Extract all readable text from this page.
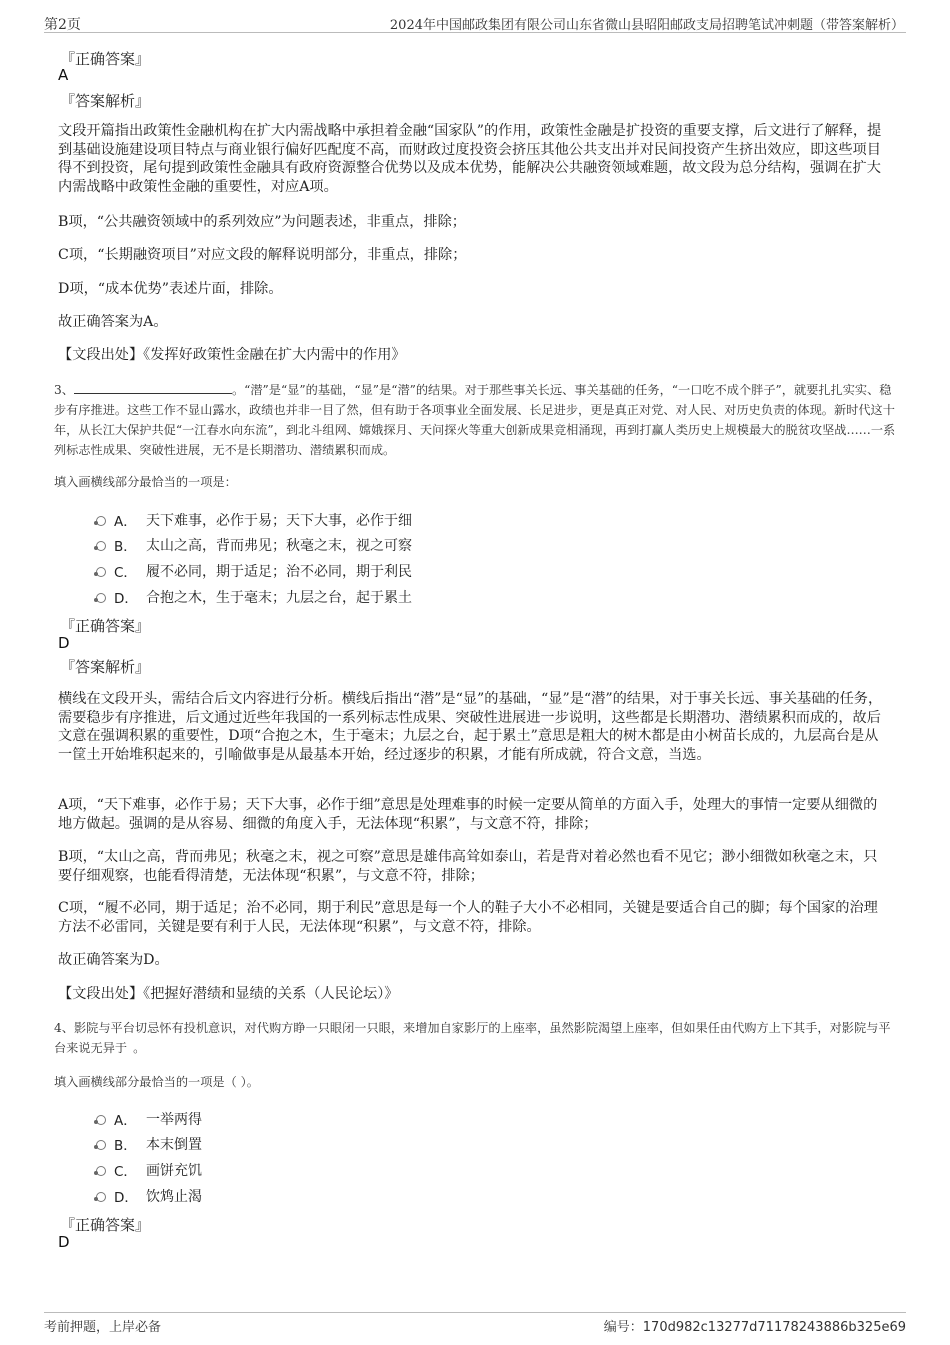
第2页	2024年中国邮政集团有限公司山东省微山县昭阳邮政支局招聘笔试冲刺题（带答案解析）
『正确答案』
A
『答案解析』
文段开篇指出政策性金融机构在扩大内需战略中承担着金融“国家队”的作用，政策性金融是扩投资的重要支撑，后文进行了解释，提到基础设施建设项目特点与商业银行偏好匹配度不高，而财政过度投资会挤压其他公共支出并对民间投资产生挤出效应，即这些项目得不到投资，尾句提到政策性金融具有政府资源整合优势以及成本优势，能解决公共融资领域难题，故文段为总分结构，强调在扩大内需战略中政策性金融的重要性，对应A项。
B项，“公共融资领域中的系列效应”为问题表述，非重点，排除；
C项，“长期融资项目”对应文段的解释说明部分，非重点，排除；
D项，“成本优势”表述片面，排除。
故正确答案为A。
【文段出处】《发挥好政策性金融在扩大内需中的作用》
3、	。“潜”是“显”的基础，“显”是“潜”的结果。对于那些事关长远、事关基础的任务，“一口吃不成个胖子”，就要扎扎实实、稳步有序推进。这些工作不显山露水，政绩也并非一目了然，但有助于各项事业全面发展、长足进步，更是真正对党、对人民、对历史负责的体现。新时代这十年，从长江大保护共促“一江春水向东流”，到北斗组网、嫦娥探月、天问探火等重大创新成果竞相涌现，再到打赢人类历史上规模最大的脱贫攻坚战……一系列标志性成果、突破性进展，无不是长期潜功、潜绩累积而成。
填入画横线部分最恰当的一项是：
A． 天下难事，必作于易；天下大事，必作于细
B． 太山之高，背而弗见；秋毫之末，视之可察
C． 履不必同，期于适足；治不必同，期于利民
D． 合抱之木，生于毫末；九层之台，起于累土
『正确答案』
D
『答案解析』
横线在文段开头，需结合后文内容进行分析。横线后指出“潜”是“显”的基础，“显”是“潜”的结果，对于事关长远、事关基础的任务，需要稳步有序推进，后文通过近些年我国的一系列标志性成果、突破性进展进一步说明，这些都是长期潜功、潜绩累积而成的，故后文意在强调积累的重要性，D项“合抱之木，生于毫末；九层之台，起于累土”意思是粗大的树木都是由小树苗长成的，九层高台是从一筐土开始堆积起来的，引喻做事是从最基本开始，经过逐步的积累，才能有所成就，符合文意，当选。
A项，“天下难事，必作于易；天下大事，必作于细”意思是处理难事的时候一定要从简单的方面入手，处理大的事情一定要从细微的地方做起。强调的是从容易、细微的角度入手，无法体现“积累”，与文意不符，排除；
B项，“太山之高，背而弗见；秋毫之末，视之可察”意思是雄伟高耸如泰山，若是背对着必然也看不见它；渺小细微如秋毫之末，只要仔细观察，也能看得清楚，无法体现“积累”，与文意不符，排除；
C项，“履不必同，期于适足；治不必同，期于利民”意思是每一个人的鞋子大小不必相同，关键是要适合自己的脚；每个国家的治理方法不必雷同，关键是要有利于人民，无法体现“积累”，与文意不符，排除。
故正确答案为D。
【文段出处】《把握好潜绩和显绩的关系（人民论坛）》
4、影院与平台切忌怀有投机意识，对代购方睁一只眼闭一只眼，来增加自家影厅的上座率，虽然影院渴望上座率，但如果任由代购方上下其手，对影院与平台来说无异于 。
填入画横线部分最恰当的一项是（ ）。
A． 一举两得
B． 本末倒置
C． 画饼充饥
D． 饮鸩止渴
『正确答案』
D
考前押题，上岸必备	编号：170d982c13277d71178243886b325e69
